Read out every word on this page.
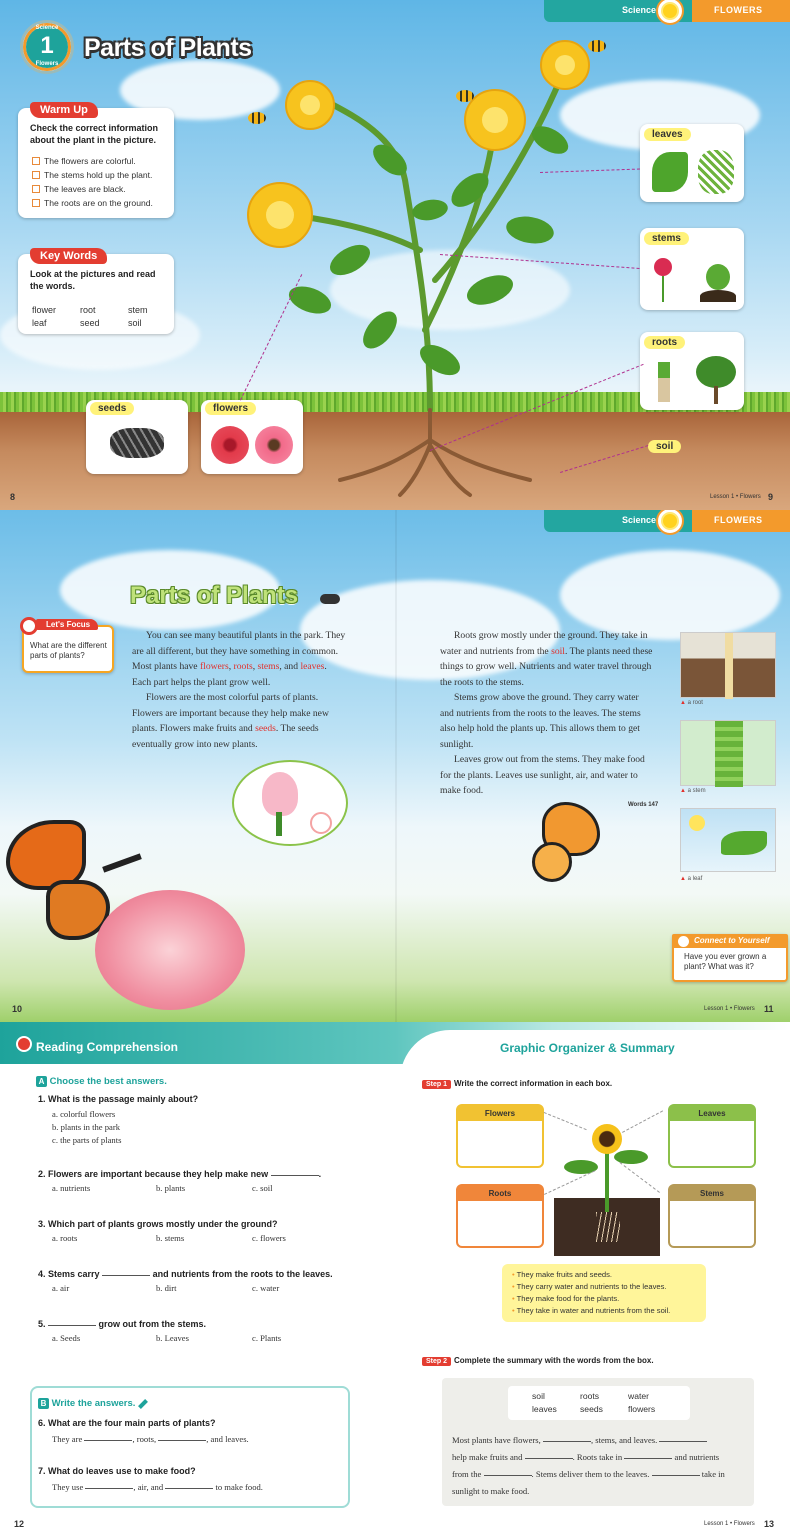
Science	FLOWERS
Science
1
Flowers
Parts of Plants
Warm Up
Check the correct information about the plant in the picture.
The flowers are colorful.
The stems hold up the plant.
The leaves are black.
The roots are on the ground.
Key Words
Look at the pictures and read the words.
flower	root	stem
leaf	seed	soil
leaves
stems
roots
soil
seeds	flowers
8	Lesson 1 • Flowers 9
Science	FLOWERS
Parts of Plants
Let's Focus
What are the different parts of plants?

You can see many beautiful plants in the park. They are all different, but they have something in common. Most plants have flowers, roots, stems, and leaves. Each part helps the plant grow well.

Flowers are the most colorful parts of plants. Flowers are important because they help make new plants. Flowers make fruits and seeds. The seeds eventually grow into new plants.

Roots grow mostly under the ground. They take in water and nutrients from the soil. The plants need these things to grow well. Nutrients and water travel through the roots to the stems.

Stems grow above the ground. They carry water and nutrients from the roots to the leaves. The stems also help hold the plants up. This allows them to get sunlight.

Leaves grow out from the stems. They make food for the plants. Leaves use sunlight, air, and water to make food.

Words 147
▲ a root
▲ a stem
▲ a leaf
Connect to Yourself
Have you ever grown a plant? What was it?
10	Lesson 1 • Flowers 11
Reading Comprehension	Graphic Organizer & Summary
A Choose the best answers.
1. What is the passage mainly about?
a. colorful flowers
b. plants in the park
c. the parts of plants
2. Flowers are important because they help make new	.
a. nutrients	b. plants	c. soil
3. Which part of plants grows mostly under the ground?
a. roots	b. stems	c. flowers
4. Stems carry	and nutrients from the roots to the leaves.
a. air	b. dirt	c. water
5.	grow out from the stems.
a. Seeds	b. Leaves	c. Plants
B Write the answers.
6. What are the four main parts of plants?
They are	, roots,	, and leaves.
7. What do leaves use to make food?
They use	, air, and	to make food.
Step 1 Write the correct information in each box.
Flowers	Leaves
Roots	Stems
• They make fruits and seeds.
• They carry water and nutrients to the leaves.
• They make food for the plants.
• They take in water and nutrients from the soil.
Step 2 Complete the summary with the words from the box.
soil	roots	water
leaves	seeds	flowers
Most plants have flowers,	, stems, and leaves.
help make fruits and	. Roots take in	and nutrients
from the	. Stems deliver them to the leaves.	take in
sunlight to make food.
12	Lesson 1 • Flowers 13
